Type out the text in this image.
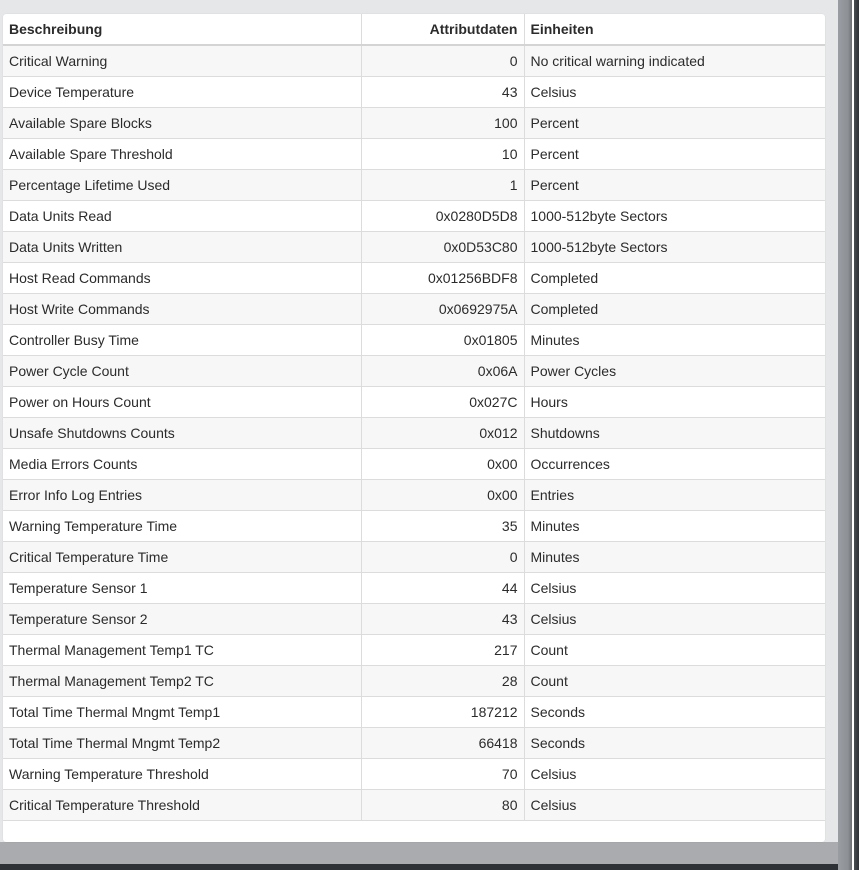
Beschreibung	Attributdaten	Einheiten
Critical Warning	0	No critical warning indicated
Device Temperature	43	Celsius
Available Spare Blocks	100	Percent
Available Spare Threshold	10	Percent
Percentage Lifetime Used	1	Percent
Data Units Read	0x0280D5D8	1000-512byte Sectors
Data Units Written	0x0D53C80	1000-512byte Sectors
Host Read Commands	0x01256BDF8	Completed
Host Write Commands	0x0692975A	Completed
Controller Busy Time	0x01805	Minutes
Power Cycle Count	0x06A	Power Cycles
Power on Hours Count	0x027C	Hours
Unsafe Shutdowns Counts	0x012	Shutdowns
Media Errors Counts	0x00	Occurrences
Error Info Log Entries	0x00	Entries
Warning Temperature Time	35	Minutes
Critical Temperature Time	0	Minutes
Temperature Sensor 1	44	Celsius
Temperature Sensor 2	43	Celsius
Thermal Management Temp1 TC	217	Count
Thermal Management Temp2 TC	28	Count
Total Time Thermal Mngmt Temp1	187212	Seconds
Total Time Thermal Mngmt Temp2	66418	Seconds
Warning Temperature Threshold	70	Celsius
Critical Temperature Threshold	80	Celsius
